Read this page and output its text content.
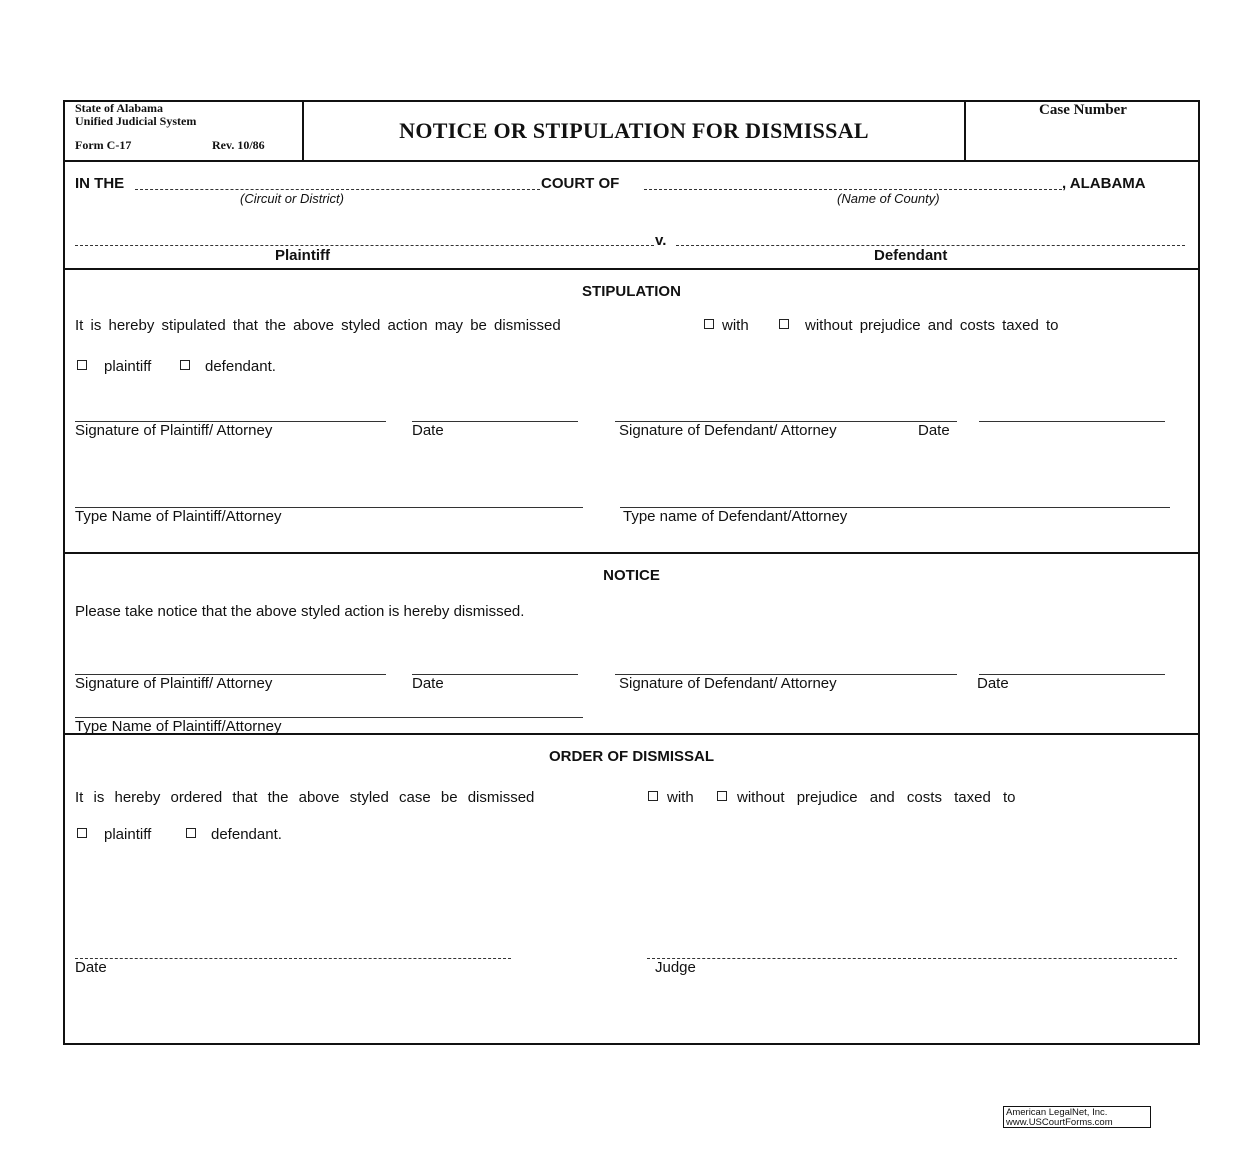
State of Alabama
Unified Judicial System
Form C-17	Rev. 10/86
NOTICE OR STIPULATION FOR DISMISSAL
Case Number
IN THE	COURT OF	, ALABAMA
(Circuit or District)	(Name of County)
v.
Plaintiff	Defendant
STIPULATION
It is hereby stipulated that the above styled action may be dismissed	with	without prejudice and costs taxed to
plaintiff	defendant.
Signature of Plaintiff/ Attorney	Date	Signature of Defendant/ Attorney	Date
Type Name of Plaintiff/Attorney	Type name of Defendant/Attorney
NOTICE
Please take notice that the above styled action is hereby dismissed.
Signature of Plaintiff/ Attorney	Date	Signature of Defendant/ Attorney	Date
Type Name of Plaintiff/Attorney
ORDER OF DISMISSAL
It is hereby ordered that the above styled case be dismissed	with	without prejudice and costs taxed to
plaintiff	defendant.
Date	Judge
American LegalNet, Inc.
www.USCourtForms.com
